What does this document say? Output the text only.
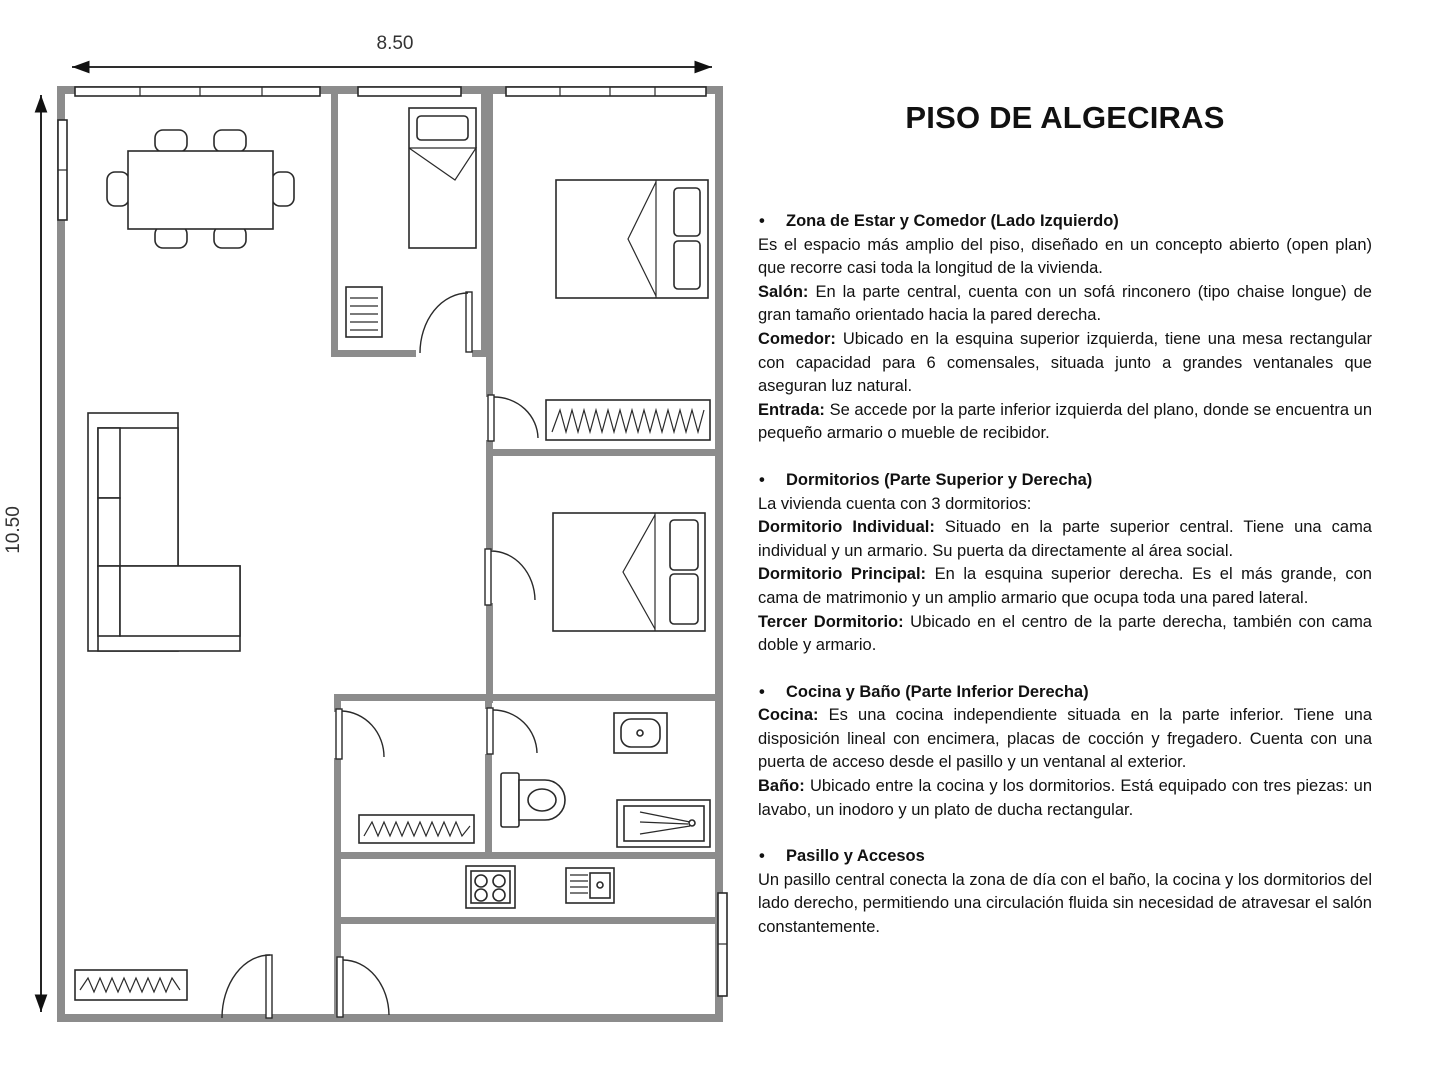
8.50
10.50
PISO DE ALGECIRAS
•	Zona de Estar y Comedor (Lado Izquierdo)

Es el espacio más amplio del piso, diseñado en un concepto abierto (open plan) que recorre casi toda la longitud de la vivienda.

Salón: En la parte central, cuenta con un sofá rinconero (tipo chaise longue) de gran tamaño orientado hacia la pared derecha.

Comedor: Ubicado en la esquina superior izquierda, tiene una mesa rectangular con capacidad para 6 comensales, situada junto a grandes ventanales que aseguran luz natural.

Entrada: Se accede por la parte inferior izquierda del plano, donde se encuentra un pequeño armario o mueble de recibidor.

•	Dormitorios (Parte Superior y Derecha)

La vivienda cuenta con 3 dormitorios:

Dormitorio Individual: Situado en la parte superior central. Tiene una cama individual y un armario. Su puerta da directamente al área social.

Dormitorio Principal: En la esquina superior derecha. Es el más grande, con cama de matrimonio y un amplio armario que ocupa toda una pared lateral.

Tercer Dormitorio: Ubicado en el centro de la parte derecha, también con cama doble y armario.

•	Cocina y Baño (Parte Inferior Derecha)

Cocina: Es una cocina independiente situada en la parte inferior. Tiene una disposición lineal con encimera, placas de cocción y fregadero. Cuenta con una puerta de acceso desde el pasillo y un ventanal al exterior.

Baño: Ubicado entre la cocina y los dormitorios. Está equipado con tres piezas: un lavabo, un inodoro y un plato de ducha rectangular.

•	Pasillo y Accesos

Un pasillo central conecta la zona de día con el baño, la cocina y los dormitorios del lado derecho, permitiendo una circulación fluida sin necesidad de atravesar el salón constantemente.
